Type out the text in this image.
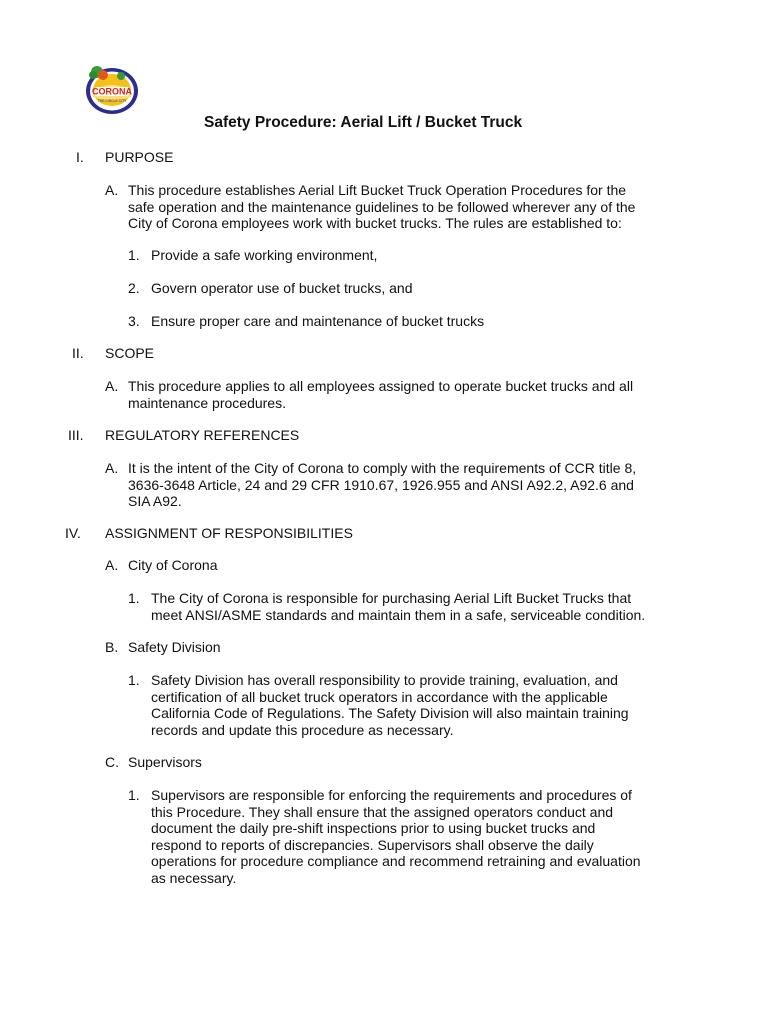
CORONA
THE CIRCLE CITY
Safety Procedure: Aerial Lift / Bucket Truck
I. PURPOSE
A. This procedure establishes Aerial Lift Bucket Truck Operation Procedures for the
safe operation and the maintenance guidelines to be followed wherever any of the
City of Corona employees work with bucket trucks. The rules are established to:
1. Provide a safe working environment,
2. Govern operator use of bucket trucks, and
3. Ensure proper care and maintenance of bucket trucks
II. SCOPE
A. This procedure applies to all employees assigned to operate bucket trucks and all
maintenance procedures.
III. REGULATORY REFERENCES
A. It is the intent of the City of Corona to comply with the requirements of CCR title 8,
3636-3648 Article, 24 and 29 CFR 1910.67, 1926.955 and ANSI A92.2, A92.6 and
SIA A92.
IV. ASSIGNMENT OF RESPONSIBILITIES
A. City of Corona
1. The City of Corona is responsible for purchasing Aerial Lift Bucket Trucks that
meet ANSI/ASME standards and maintain them in a safe, serviceable condition.
B. Safety Division
1. Safety Division has overall responsibility to provide training, evaluation, and
certification of all bucket truck operators in accordance with the applicable
California Code of Regulations. The Safety Division will also maintain training
records and update this procedure as necessary.
C. Supervisors
1. Supervisors are responsible for enforcing the requirements and procedures of
this Procedure. They shall ensure that the assigned operators conduct and
document the daily pre-shift inspections prior to using bucket trucks and
respond to reports of discrepancies. Supervisors shall observe the daily
operations for procedure compliance and recommend retraining and evaluation
as necessary.
